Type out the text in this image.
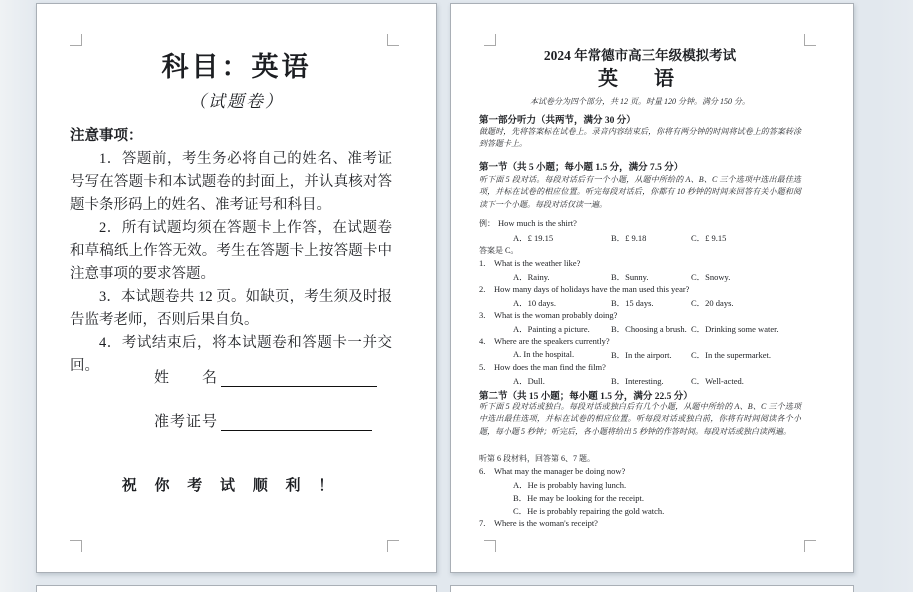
科目：英语
（试题卷）
注意事项：

1．答题前，考生务必将自己的姓名、准考证号写在答题卡和本试题卷的封面上，并认真核对答题卡条形码上的姓名、准考证号和科目。

2．所有试题均须在答题卡上作答，在试题卷和草稿纸上作答无效。考生在答题卡上按答题卡中注意事项的要求答题。

3．本试题卷共 12 页。如缺页，考生须及时报告监考老师，否则后果自负。

4．考试结束后，将本试题卷和答题卡一并交回。

姓　　名
准考证号
祝 你 考 试 顺 利 ！
2024 年常德市高三年级模拟考试
英　语
本试卷分为四个部分，共 12 页。时量 120 分钟。满分 150 分。
第一部分听力（共两节，满分 30 分）
做题时，先将答案标在试卷上。录音内容结束后，你将有两分钟的时间将试卷上的答案转涂到答题卡上。
第一节（共 5 小题；每小题 1.5 分，满分 7.5 分）
听下面 5 段对话。每段对话后有一个小题，从题中所给的 A、B、C 三个选项中选出最佳选项，并标在试卷的相应位置。听完每段对话后，你都有 10 秒钟的时间来回答有关小题和阅读下一个小题。每段对话仅读一遍。
例： How much is the shirt?
A．£ 19.15	B．£ 9.18	C．£ 9.15
答案是 C。
1.	What is the weather like?
A．Rainy.	B．Sunny.	C．Snowy.
2.	How many days of holidays have the man used this year?
A．10 days.	B．15 days.	C．20 days.
3.	What is the woman probably doing?
A．Painting a picture.	B．Choosing a brush. C．Drinking some water.
4.	Where are the speakers currently?
A. In the hospital.	B．In the airport.	C．In the supermarket.
5.	How does the man find the film?
A．Dull.	B．Interesting.	C．Well-acted.
第二节（共 15 小题；每小题 1.5 分，满分 22.5 分）
听下面 5 段对话或独白。每段对话或独白后有几个小题，从题中所给的 A、B、C 三个选项中选出最佳选项，并标在试卷的相应位置。听每段对话或独白前，你将有时间阅读各个小题，每小题 5 秒钟；听完后，各小题将给出 5 秒钟的作答时间。每段对话或独白读两遍。
听第 6 段材料，回答第 6、7 题。
6.	What may the manager be doing now?
A．He is probably having lunch.
B．He may be looking for the receipt.
C．He is probably repairing the gold watch.
7.	Where is the woman's receipt?
